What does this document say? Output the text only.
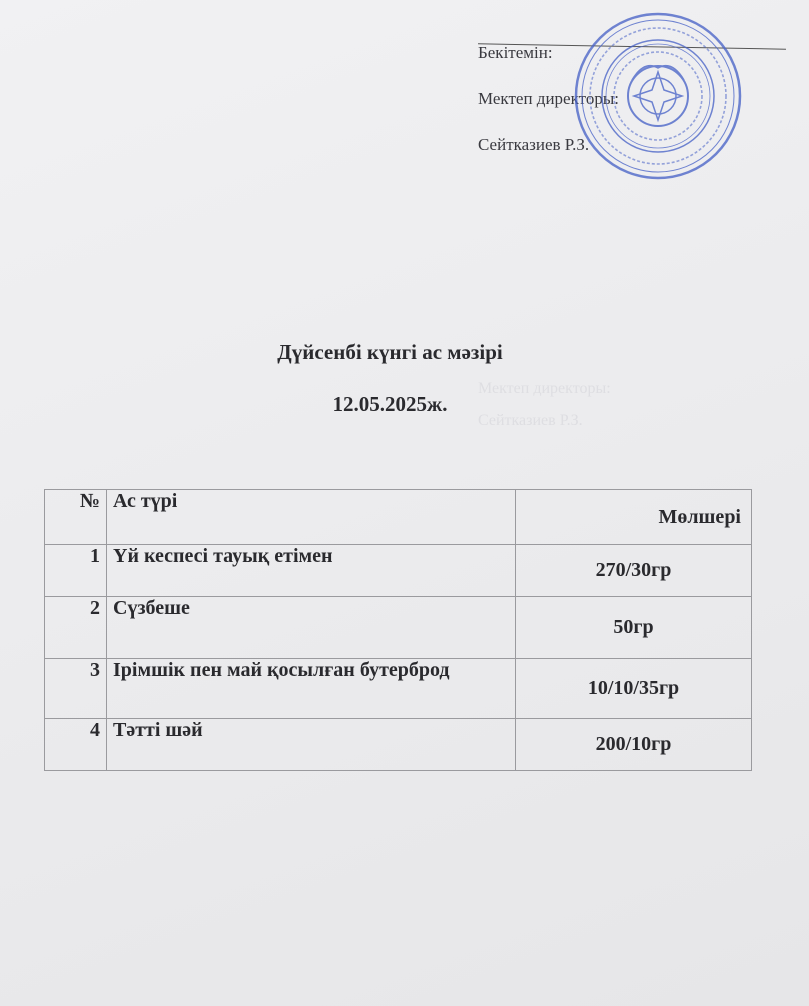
Бекітемін:
Мектеп директоры:
Сейтказиев Р.З.
Мектеп директоры:
Сейтказиев Р.З.
Дүйсенбі күнгі ас мәзірі
12.05.2025ж.
№	Ас түрі	Мөлшері
1	Үй кеспесі тауық етімен	270/30гр
2	Сүзбеше	50гр
3	Ірімшік пен май қосылған бутерброд	10/10/35гр
4	Тәтті шәй	200/10гр
